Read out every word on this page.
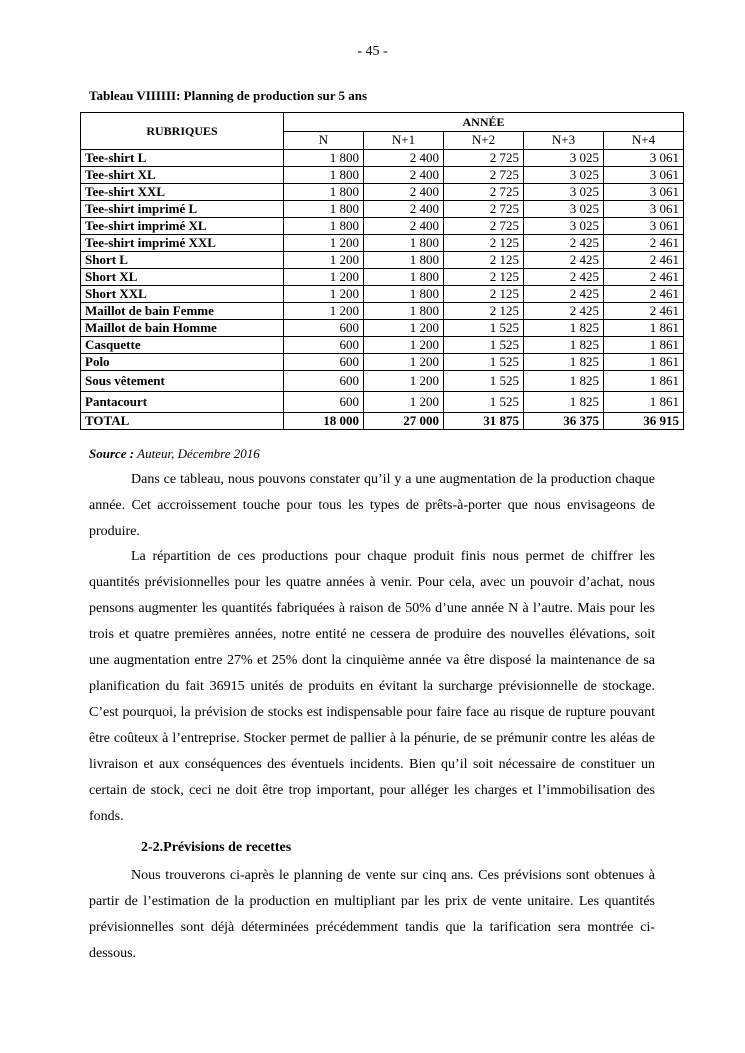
- 45 -
Tableau VIIIIII: Planning de production sur 5 ans
RUBRIQUES	ANNÉE				
	N	N+1	N+2	N+3	N+4
Tee-shirt L	1 800	2 400	2 725	3 025	3 061
Tee-shirt XL	1 800	2 400	2 725	3 025	3 061
Tee-shirt XXL	1 800	2 400	2 725	3 025	3 061
Tee-shirt imprimé L	1 800	2 400	2 725	3 025	3 061
Tee-shirt imprimé XL	1 800	2 400	2 725	3 025	3 061
Tee-shirt imprimé XXL	1 200	1 800	2 125	2 425	2 461
Short L	1 200	1 800	2 125	2 425	2 461
Short XL	1 200	1 800	2 125	2 425	2 461
Short XXL	1 200	1 800	2 125	2 425	2 461
Maillot de bain Femme	1 200	1 800	2 125	2 425	2 461
Maillot de bain Homme	600	1 200	1 525	1 825	1 861
Casquette	600	1 200	1 525	1 825	1 861
Polo	600	1 200	1 525	1 825	1 861
Sous vêtement	600	1 200	1 525	1 825	1 861
Pantacourt	600	1 200	1 525	1 825	1 861
TOTAL	18 000	27 000	31 875	36 375	36 915
Source : Auteur, Décembre 2016

Dans ce tableau, nous pouvons constater qu’il y a une augmentation de la production chaque année. Cet accroissement touche pour tous les types de prêts-à-porter que nous envisageons de produire.

La répartition de ces productions pour chaque produit finis nous permet de chiffrer les quantités prévisionnelles pour les quatre années à venir. Pour cela, avec un pouvoir d’achat, nous pensons augmenter les quantités fabriquées à raison de 50% d’une année N à l’autre. Mais pour les trois et quatre premières années, notre entité ne cessera de produire des nouvelles élévations, soit une augmentation entre 27% et 25% dont la cinquième année va être disposé la maintenance de sa planification du fait 36915 unités de produits en évitant la surcharge prévisionnelle de stockage. C’est pourquoi, la prévision de stocks est indispensable pour faire face au risque de rupture pouvant être coûteux à l’entreprise. Stocker permet de pallier à la pénurie, de se prémunir contre les aléas de livraison et aux conséquences des éventuels incidents. Bien qu’il soit nécessaire de constituer un certain de stock, ceci ne doit être trop important, pour alléger les charges et l’immobilisation des fonds.

2-2.Prévisions de recettes

Nous trouverons ci-après le planning de vente sur cinq ans. Ces prévisions sont obtenues à partir de l’estimation de la production en multipliant par les prix de vente unitaire. Les quantités prévisionnelles sont déjà déterminées précédemment tandis que la tarification sera montrée ci-dessous.
